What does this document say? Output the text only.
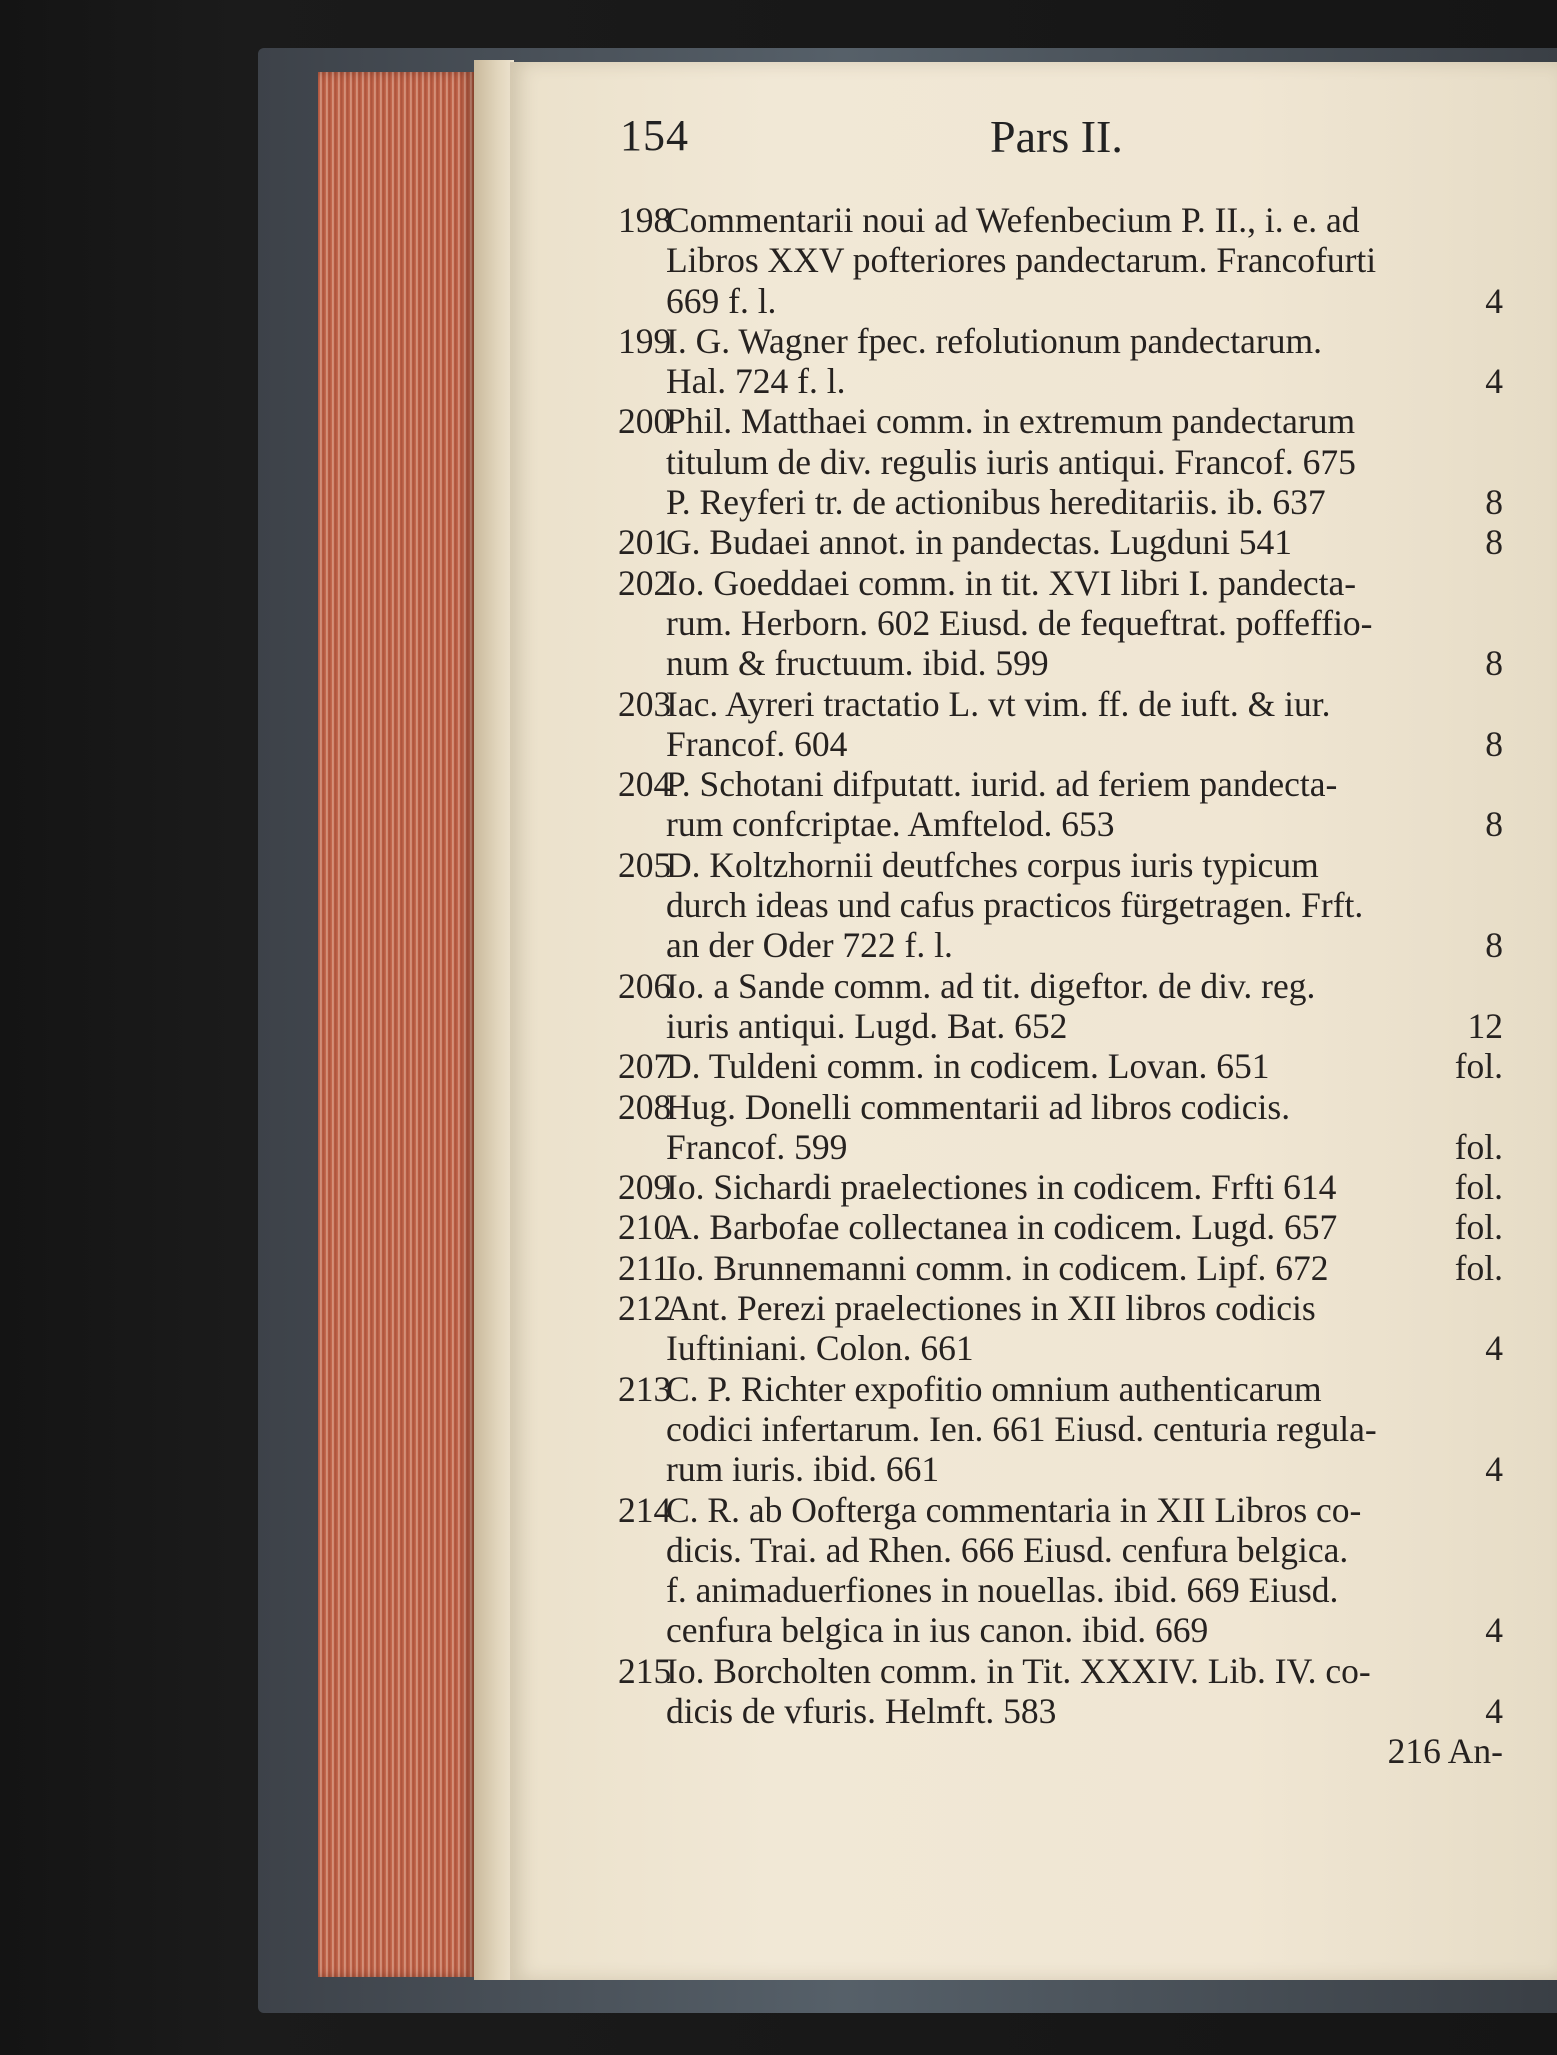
154	Pars II.
198
Commentarii noui ad Wefenbecium P. II., i. e. ad
Libros XXV pofteriores pandectarum. Francofurti
669 f. l.	4
199
I. G. Wagner fpec. refolutionum pandectarum.
Hal. 724 f. l.	4
200
Phil. Matthaei comm. in extremum pandectarum
titulum de div. regulis iuris antiqui. Francof. 675
P. Reyferi tr. de actionibus hereditariis. ib. 637	8
201
G. Budaei annot. in pandectas. Lugduni 541	8
202
Io. Goeddaei comm. in tit. XVI libri I. pandecta-
rum. Herborn. 602 Eiusd. de fequeftrat. poffeffio-
num & fructuum. ibid. 599	8
203
Iac. Ayreri tractatio L. vt vim. ff. de iuft. & iur.
Francof. 604	8
204
P. Schotani difputatt. iurid. ad feriem pandecta-
rum confcriptae. Amftelod. 653	8
205
D. Koltzhornii deutfches corpus iuris typicum
durch ideas und cafus practicos fürgetragen. Frft.
an der Oder 722 f. l.	8
206
Io. a Sande comm. ad tit. digeftor. de div. reg.
iuris antiqui. Lugd. Bat. 652	12
207
D. Tuldeni comm. in codicem. Lovan. 651	fol.
208
Hug. Donelli commentarii ad libros codicis.
Francof. 599	fol.
209
Io. Sichardi praelectiones in codicem. Frfti 614	fol.
210
A. Barbofae collectanea in codicem. Lugd. 657	fol.
211
Io. Brunnemanni comm. in codicem. Lipf. 672	fol.
212
Ant. Perezi praelectiones in XII libros codicis
Iuftiniani. Colon. 661	4
213
C. P. Richter expofitio omnium authenticarum
codici infertarum. Ien. 661 Eiusd. centuria regula-
rum iuris. ibid. 661	4
214
C. R. ab Oofterga commentaria in XII Libros co-
dicis. Trai. ad Rhen. 666 Eiusd. cenfura belgica.
f. animaduerfiones in nouellas. ibid. 669 Eiusd.
cenfura belgica in ius canon. ibid. 669	4
215
Io. Borcholten comm. in Tit. XXXIV. Lib. IV. co-
dicis de vfuris. Helmft. 583	4
216 An-
